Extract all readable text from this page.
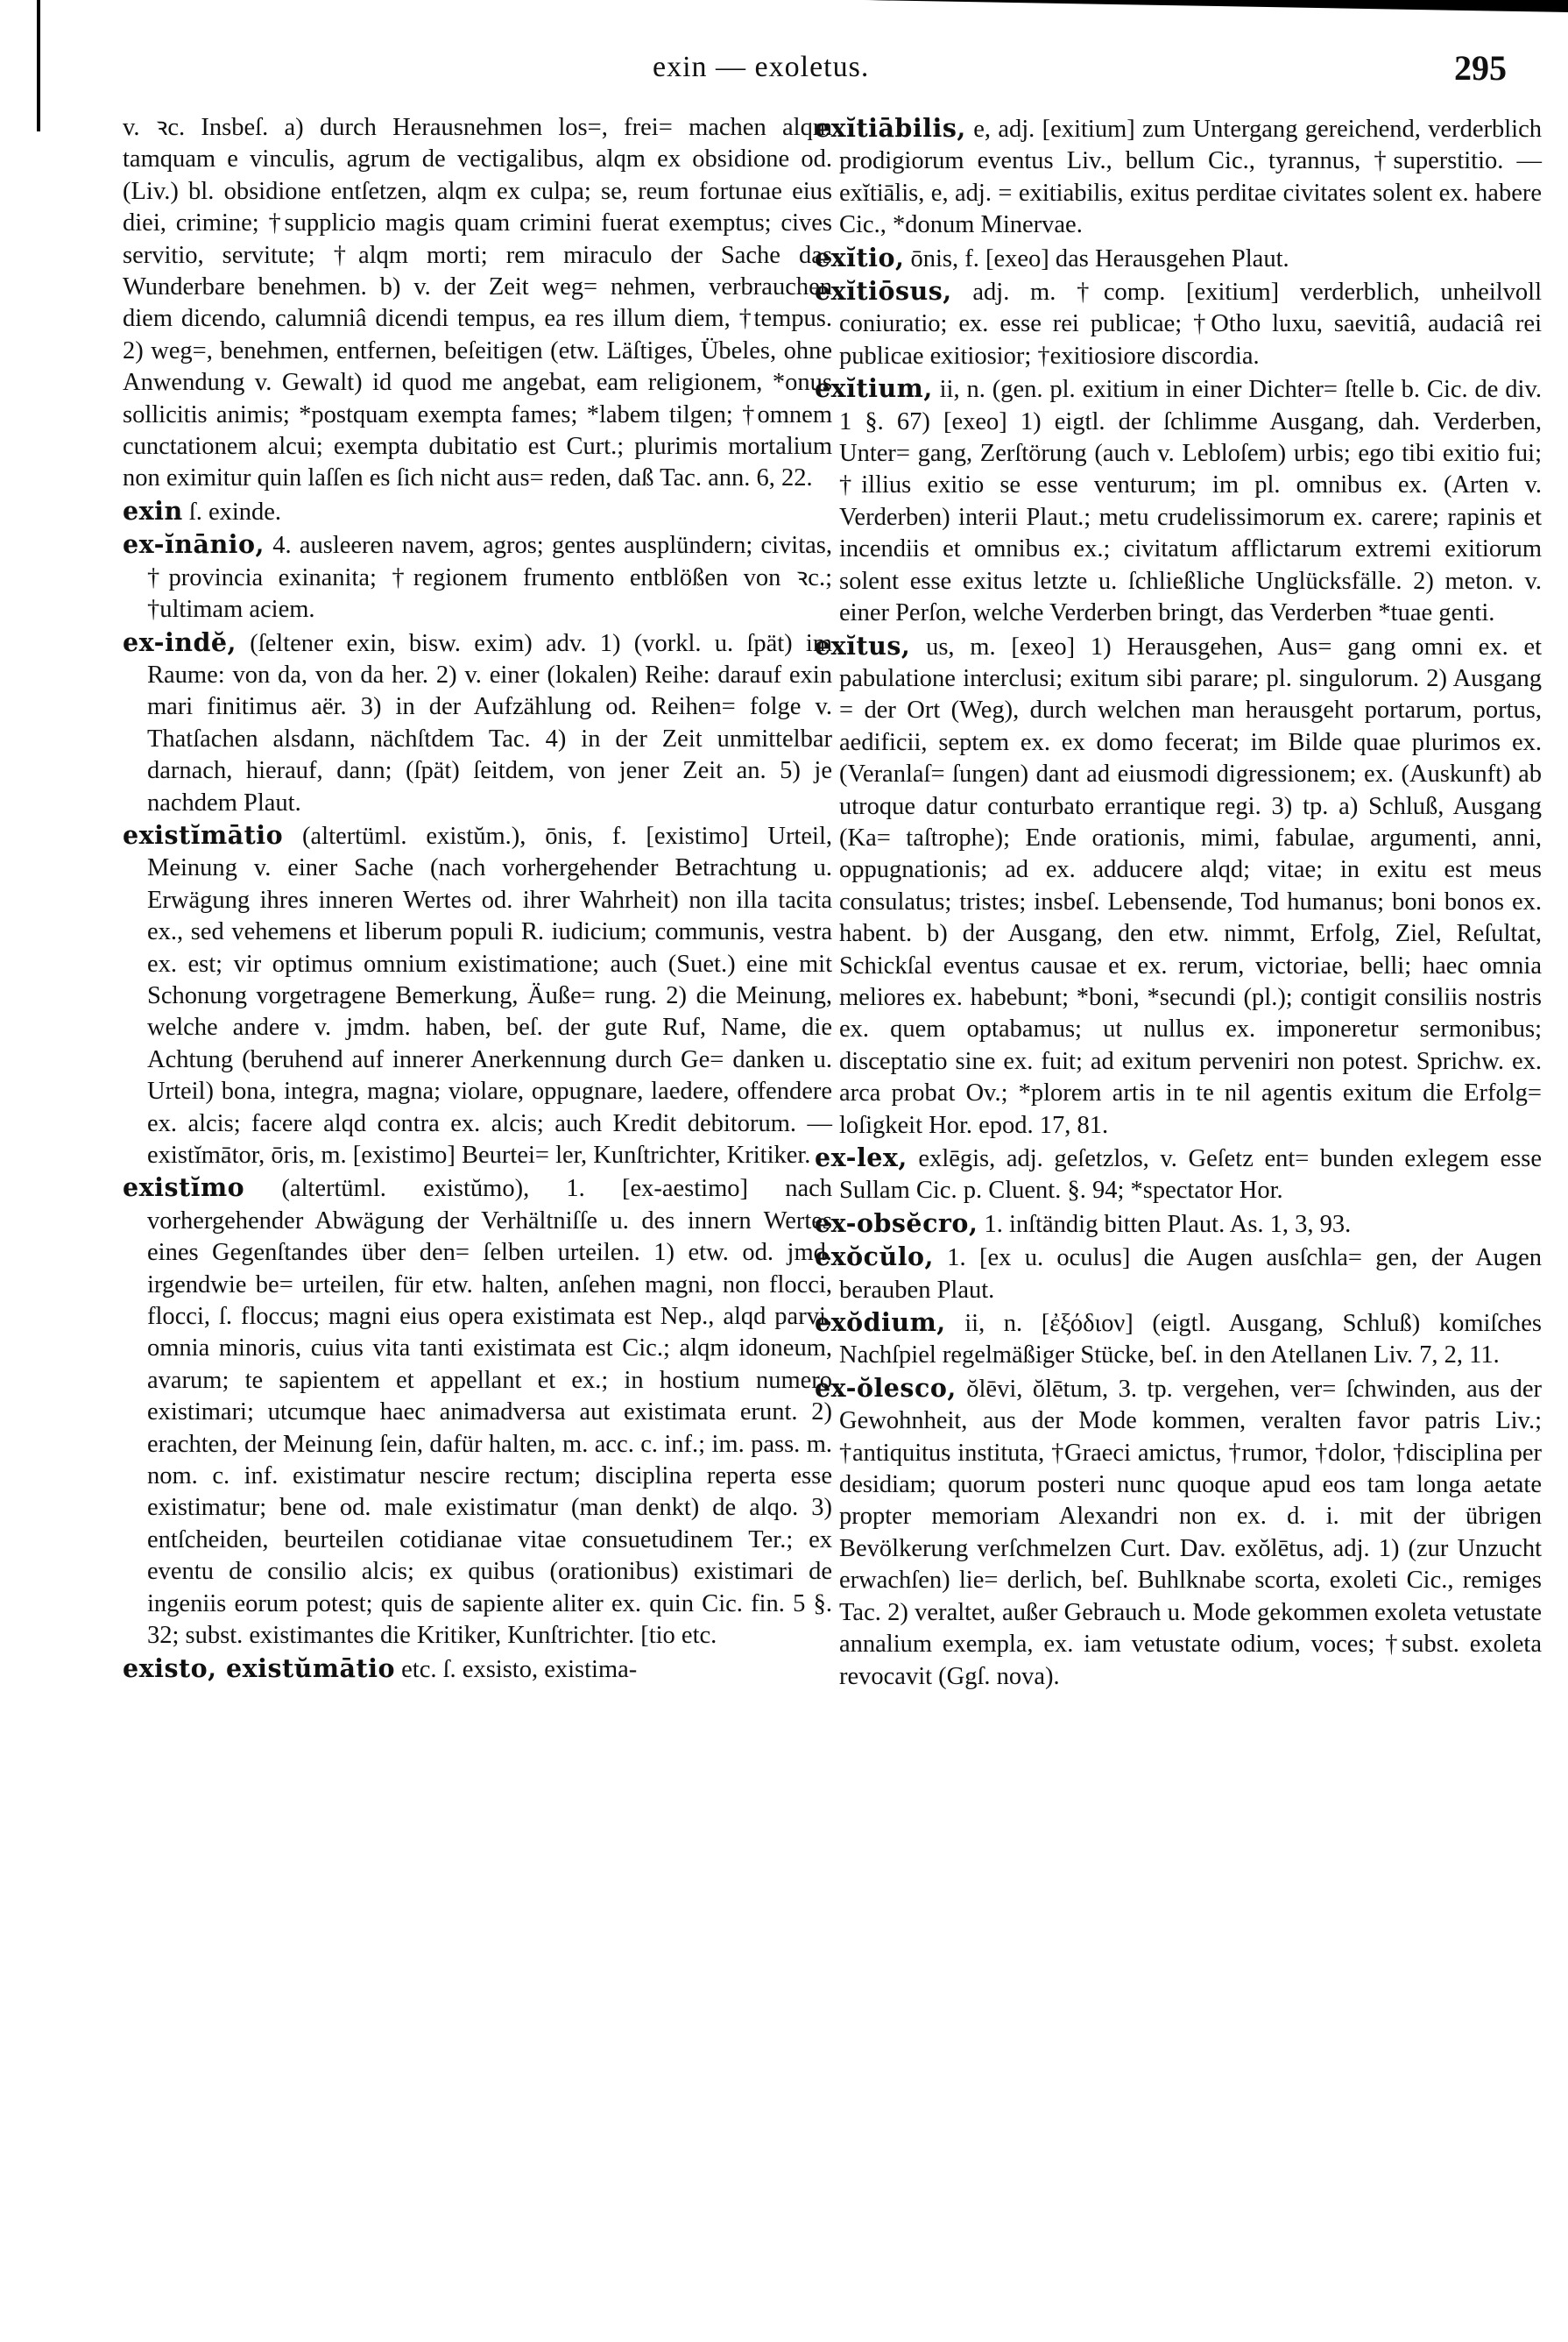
exin — exoletus.	295

v. ꝛc. Insbeſ. a) durch Herausnehmen los=, frei= machen alqm tamquam e vinculis, agrum de vectigalibus, alqm ex obsidione od. (Liv.) bl. obsidione entſetzen, alqm ex culpa; se, reum fortunae eius diei, crimine; †supplicio magis quam crimini fuerat exemptus; cives servitio, servitute; †alqm morti; rem miraculo der Sache das Wunderbare benehmen. b) v. der Zeit weg= nehmen, verbrauchen diem dicendo, calumniâ dicendi tempus, ea res illum diem, †tempus. 2) weg=, benehmen, entfernen, beſeitigen (etw. Läſtiges, Übeles, ohne Anwendung v. Gewalt) id quod me angebat, eam religionem, *onus sollicitis animis; *postquam exempta fames; *labem tilgen; †omnem cunctationem alcui; exempta dubitatio est Curt.; plurimis mortalium non eximitur quin laſſen es ſich nicht aus= reden, daß Tac. ann. 6, 22.

exin ſ. exinde.

ex-ĭnānio, 4. ausleeren navem, agros; gentes ausplündern; civitas, †provincia exinanita; †regionem frumento entblößen von ꝛc.; †ultimam aciem.

ex-indĕ, (ſeltener exin, bisw. exim) adv. 1) (vorkl. u. ſpät) im Raume: von da, von da her. 2) v. einer (lokalen) Reihe: darauf exin mari finitimus aër. 3) in der Aufzählung od. Reihen= folge v. Thatſachen alsdann, nächſtdem Tac. 4) in der Zeit unmittelbar darnach, hierauf, dann; (ſpät) ſeitdem, von jener Zeit an. 5) je nachdem Plaut.

existĭmātio (altertüml. existŭm.), ōnis, f. [existimo] Urteil, Meinung v. einer Sache (nach vorhergehender Betrachtung u. Erwägung ihres inneren Wertes od. ihrer Wahrheit) non illa tacita ex., sed vehemens et liberum populi R. iudicium; communis, vestra ex. est; vir optimus omnium existimatione; auch (Suet.) eine mit Schonung vorgetragene Bemerkung, Äuße= rung. 2) die Meinung, welche andere v. jmdm. haben, beſ. der gute Ruf, Name, die Achtung (beruhend auf innerer Anerkennung durch Ge= danken u. Urteil) bona, integra, magna; violare, oppugnare, laedere, offendere ex. alcis; facere alqd contra ex. alcis; auch Kredit debitorum. — existĭmātor, ōris, m. [existimo] Beurtei= ler, Kunſtrichter, Kritiker.

existĭmo (altertüml. existŭmo), 1. [ex-aestimo] nach vorhergehender Abwägung der Verhältniſſe u. des innern Wertes eines Gegenſtandes über den= ſelben urteilen. 1) etw. od. jmd. irgendwie be= urteilen, für etw. halten, anſehen magni, non flocci, flocci, ſ. floccus; magni eius opera existimata est Nep., alqd parvi, omnia minoris, cuius vita tanti existimata est Cic.; alqm idoneum, avarum; te sapientem et appellant et ex.; in hostium numero existimari; utcumque haec animadversa aut existimata erunt. 2) erachten, der Meinung ſein, dafür halten, m. acc. c. inf.; im. pass. m. nom. c. inf. existimatur nescire rectum; disciplina reperta esse existimatur; bene od. male existimatur (man denkt) de alqo. 3) entſcheiden, beurteilen cotidianae vitae consuetudinem Ter.; ex eventu de consilio alcis; ex quibus (orationibus) existimari de ingeniis eorum potest; quis de sapiente aliter ex. quin Cic. fin. 5 §. 32; subst. existimantes die Kritiker, Kunſtrichter. [tio etc.

existo, existŭmātio etc. ſ. exsisto, existima-

exĭtiābilis, e, adj. [exitium] zum Untergang gereichend, verderblich prodigiorum eventus Liv., bellum Cic., tyrannus, †superstitio. — exĭtiālis, e, adj. = exitiabilis, exitus perditae civitates solent ex. habere Cic., *donum Minervae.

exĭtio, ōnis, f. [exeo] das Herausgehen Plaut.

exĭtiōsus, adj. m. †comp. [exitium] verderblich, unheilvoll coniuratio; ex. esse rei publicae; †Otho luxu, saevitiâ, audaciâ rei publicae exitiosior; †exitiosiore discordia.

exĭtium, ii, n. (gen. pl. exitium in einer Dichter= ſtelle b. Cic. de div. 1 §. 67) [exeo] 1) eigtl. der ſchlimme Ausgang, dah. Verderben, Unter= gang, Zerſtörung (auch v. Lebloſem) urbis; ego tibi exitio fui; †illius exitio se esse venturum; im pl. omnibus ex. (Arten v. Verderben) interii Plaut.; metu crudelissimorum ex. carere; rapinis et incendiis et omnibus ex.; civitatum afflictarum extremi exitiorum solent esse exitus letzte u. ſchließliche Unglücksfälle. 2) meton. v. einer Perſon, welche Verderben bringt, das Verderben *tuae genti.

exĭtus, us, m. [exeo] 1) Herausgehen, Aus= gang omni ex. et pabulatione interclusi; exitum sibi parare; pl. singulorum. 2) Ausgang = der Ort (Weg), durch welchen man herausgeht portarum, portus, aedificii, septem ex. ex domo fecerat; im Bilde quae plurimos ex. (Veranlaſ= ſungen) dant ad eiusmodi digressionem; ex. (Auskunft) ab utroque datur conturbato errantique regi. 3) tp. a) Schluß, Ausgang (Ka= taſtrophe); Ende orationis, mimi, fabulae, argumenti, anni, oppugnationis; ad ex. adducere alqd; vitae; in exitu est meus consulatus; tristes; insbeſ. Lebensende, Tod humanus; boni bonos ex. habent. b) der Ausgang, den etw. nimmt, Erfolg, Ziel, Reſultat, Schickſal eventus causae et ex. rerum, victoriae, belli; haec omnia meliores ex. habebunt; *boni, *secundi (pl.); contigit consiliis nostris ex. quem optabamus; ut nullus ex. imponeretur sermonibus; disceptatio sine ex. fuit; ad exitum perveniri non potest. Sprichw. ex. arca probat Ov.; *plorem artis in te nil agentis exitum die Erfolg= loſigkeit Hor. epod. 17, 81.

ex-lex, exlēgis, adj. geſetzlos, v. Geſetz ent= bunden exlegem esse Sullam Cic. p. Cluent. §. 94; *spectator Hor.

ex-obsĕcro, 1. inſtändig bitten Plaut. As. 1, 3, 93.

exŏcŭlo, 1. [ex u. oculus] die Augen ausſchla= gen, der Augen berauben Plaut.

exŏdium, ii, n. [ἐξόδιον] (eigtl. Ausgang, Schluß) komiſches Nachſpiel regelmäßiger Stücke, beſ. in den Atellanen Liv. 7, 2, 11.

ex-ŏlesco, ŏlēvi, ŏlētum, 3. tp. vergehen, ver= ſchwinden, aus der Gewohnheit, aus der Mode kommen, veralten favor patris Liv.; †antiquitus instituta, †Graeci amictus, †rumor, †dolor, †disciplina per desidiam; quorum posteri nunc quoque apud eos tam longa aetate propter memoriam Alexandri non ex. d. i. mit der übrigen Bevölkerung verſchmelzen Curt. Dav. exŏlētus, adj. 1) (zur Unzucht erwachſen) lie= derlich, beſ. Buhlknabe scorta, exoleti Cic., remiges Tac. 2) veraltet, außer Gebrauch u. Mode gekommen exoleta vetustate annalium exempla, ex. iam vetustate odium, voces; †subst. exoleta revocavit (Ggſ. nova).
